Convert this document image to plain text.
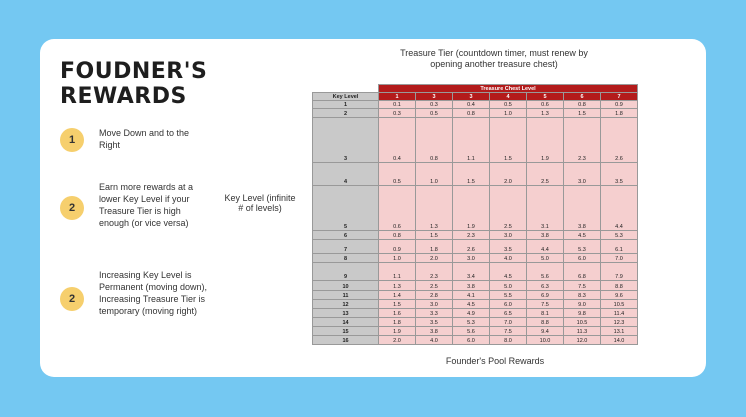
FOUDNER'S
REWARDS
1
Move Down and to the Right
2
Earn more rewards at a lower Key Level if your Treasure Tier is high enough (or vice versa)
2
Increasing Key Level is Permanent (moving down), Increasing Treasure Tier is temporary (moving right)
Treasure Tier (countdown timer, must renew by opening another treasure chest)
Key Level (infinite # of levels)
Founder's Pool Rewards
	Treasure Chest Level						
Key Level	1	3	3	4	5	6	7
1	0.1	0.3	0.4	0.5	0.6	0.8	0.9
2	0.3	0.5	0.8	1.0	1.3	1.5	1.8
3	0.4	0.8	1.1	1.5	1.9	2.3	2.6
4	0.5	1.0	1.5	2.0	2.5	3.0	3.5
5	0.6	1.3	1.9	2.5	3.1	3.8	4.4
6	0.8	1.5	2.3	3.0	3.8	4.5	5.3
7	0.9	1.8	2.6	3.5	4.4	5.3	6.1
8	1.0	2.0	3.0	4.0	5.0	6.0	7.0
9	1.1	2.3	3.4	4.5	5.6	6.8	7.9
10	1.3	2.5	3.8	5.0	6.3	7.5	8.8
11	1.4	2.8	4.1	5.5	6.9	8.3	9.6
12	1.5	3.0	4.5	6.0	7.5	9.0	10.5
13	1.6	3.3	4.9	6.5	8.1	9.8	11.4
14	1.8	3.5	5.3	7.0	8.8	10.5	12.3
15	1.9	3.8	5.6	7.5	9.4	11.3	13.1
16	2.0	4.0	6.0	8.0	10.0	12.0	14.0
